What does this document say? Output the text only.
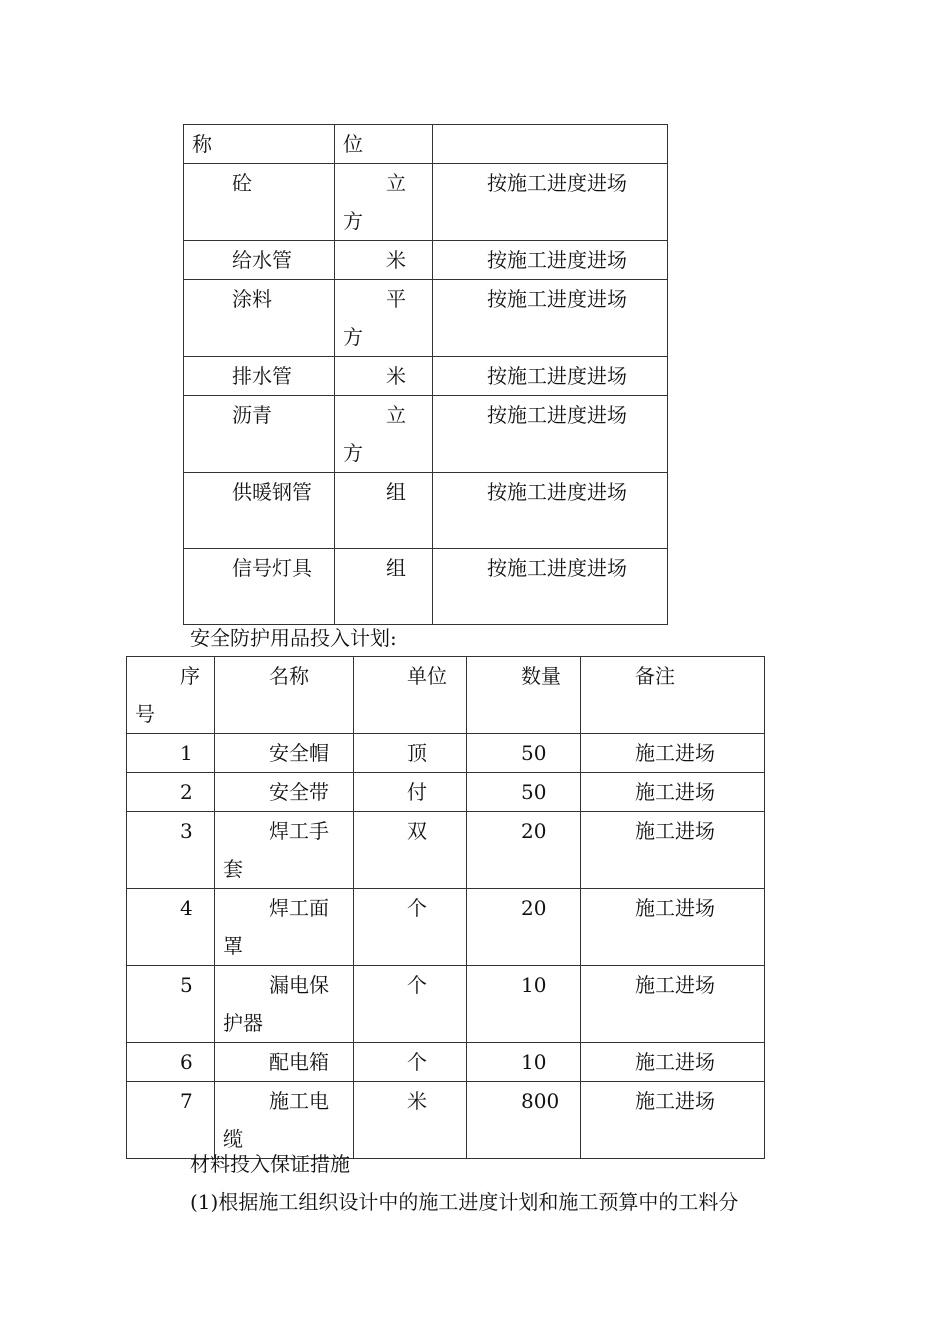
称	位	
砼	立方	按施工进度进场
给水管	米	按施工进度进场
涂料	平方	按施工进度进场
排水管	米	按施工进度进场
沥青	立方	按施工进度进场
供暖钢管	组	按施工进度进场
信号灯具	组	按施工进度进场
安全防护用品投入计划:
序号	名称	单位	数量	备注
1	安全帽	顶	50	施工进场
2	安全带	付	50	施工进场
3	焊工手套	双	20	施工进场
4	焊工面罩	个	20	施工进场
5	漏电保护器	个	10	施工进场
6	配电箱	个	10	施工进场
7	施工电缆	米	800	施工进场
材料投入保证措施
(1)根据施工组织设计中的施工进度计划和施工预算中的工料分
